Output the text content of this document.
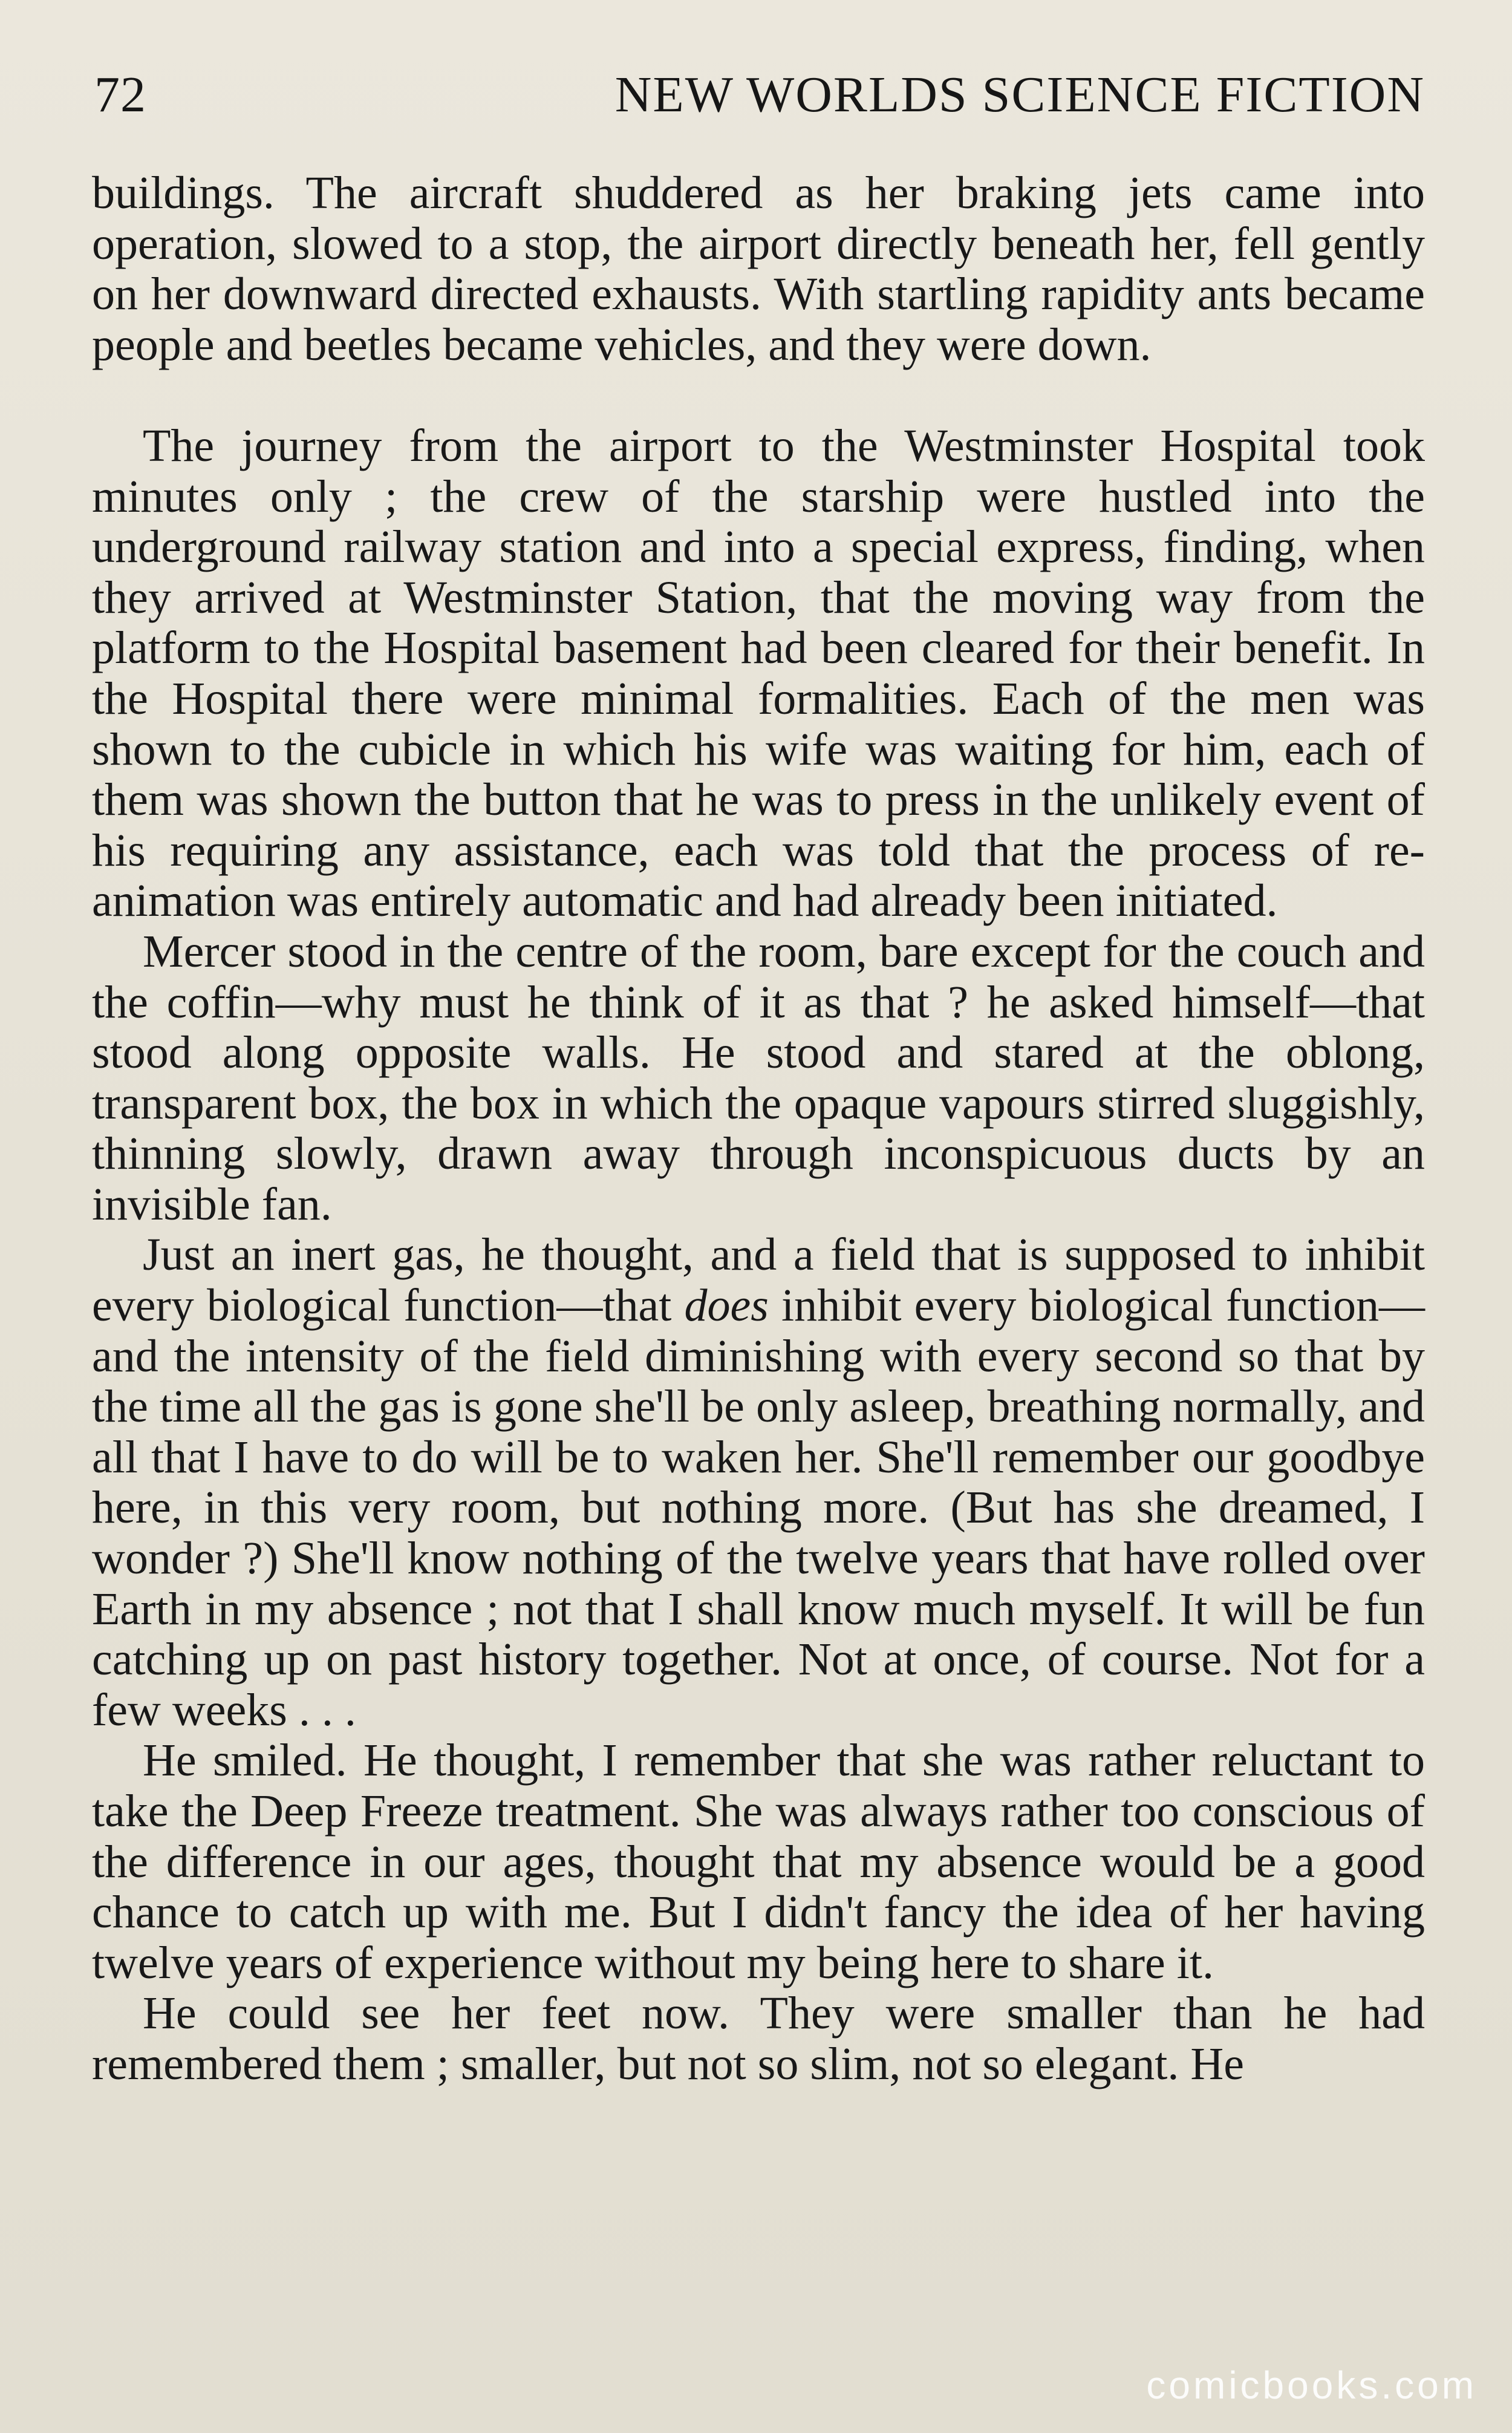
72	NEW WORLDS SCIENCE FICTION

buildings. The aircraft shuddered as her braking jets came into operation, slowed to a stop, the airport directly beneath her, fell gently on her downward directed exhausts. With startling rapidity ants became people and beetles became vehicles, and they were down.

The journey from the airport to the Westminster Hospital took minutes only ; the crew of the starship were hustled into the underground railway station and into a special express, finding, when they arrived at Westminster Station, that the moving way from the platform to the Hospital basement had been cleared for their benefit. In the Hospital there were minimal formalities. Each of the men was shown to the cubicle in which his wife was waiting for him, each of them was shown the button that he was to press in the unlikely event of his requiring any assistance, each was told that the process of re-animation was entirely automatic and had already been initiated.

Mercer stood in the centre of the room, bare except for the couch and the coffin—why must he think of it as that ? he asked himself—that stood along opposite walls. He stood and stared at the oblong, transparent box, the box in which the opaque vapours stirred sluggishly, thinning slowly, drawn away through inconspicuous ducts by an invisible fan.

Just an inert gas, he thought, and a field that is supposed to inhibit every biological function—that does inhibit every biological function—and the intensity of the field diminishing with every second so that by the time all the gas is gone she'll be only asleep, breathing normally, and all that I have to do will be to waken her. She'll remember our goodbye here, in this very room, but nothing more. (But has she dreamed, I wonder ?) She'll know nothing of the twelve years that have rolled over Earth in my absence ; not that I shall know much myself. It will be fun catching up on past history together. Not at once, of course. Not for a few weeks . . .

He smiled. He thought, I remember that she was rather reluctant to take the Deep Freeze treatment. She was always rather too conscious of the difference in our ages, thought that my absence would be a good chance to catch up with me. But I didn't fancy the idea of her having twelve years of experience without my being here to share it.

He could see her feet now. They were smaller than he had remembered them ; smaller, but not so slim, not so elegant. He

comicbooks.com
